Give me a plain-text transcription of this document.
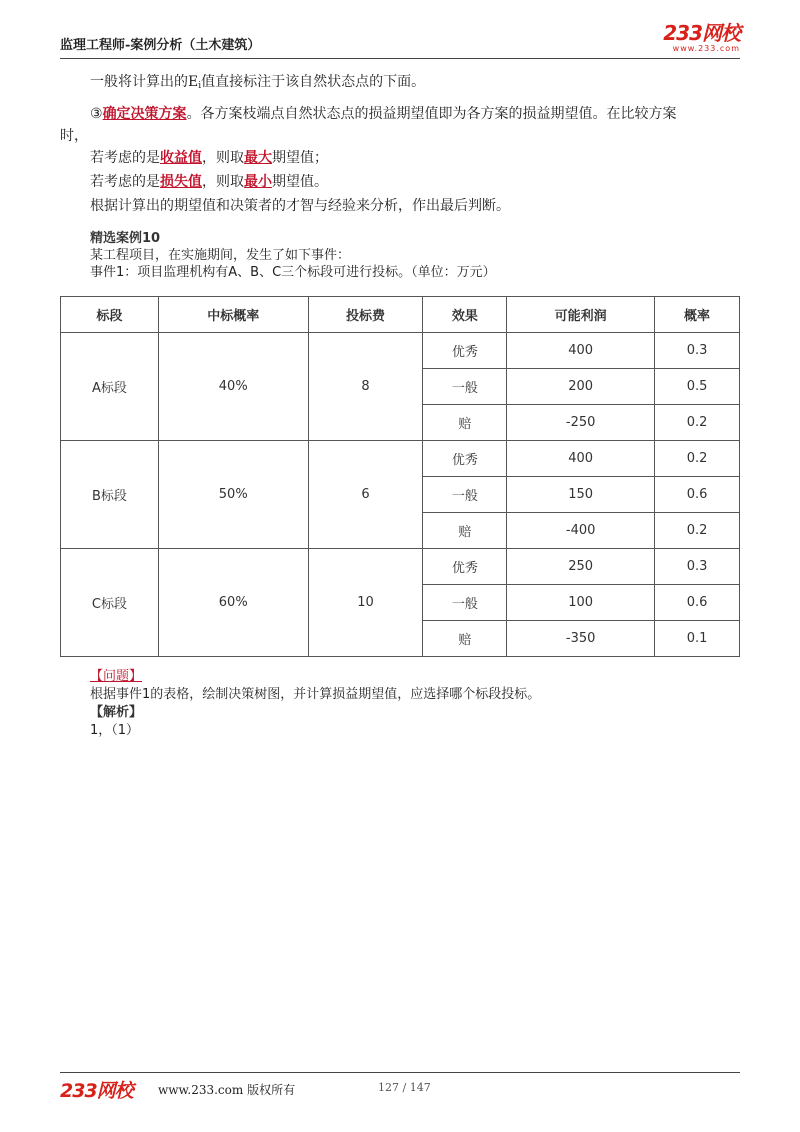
监理工程师-案例分析（土木建筑）
233网校
www.233.com
一般将计算出的$E_i$值直接标注于该自然状态点的下面。
③确定决策方案。各方案枝端点自然状态点的损益期望值即为各方案的损益期望值。在比较方案
时，
若考虑的是收益值，则取最大期望值；
若考虑的是损失值，则取最小期望值。
根据计算出的期望值和决策者的才智与经验来分析，作出最后判断。
精选案例10
某工程项目，在实施期间，发生了如下事件：
事件1：项目监理机构有A、B、C三个标段可进行投标。（单位：万元）
标段	中标概率	投标费	效果	可能利润	概率
A标段	40%	8	优秀	400	0.3
			一般	200	0.5
			赔	-250	0.2
B标段	50%	6	优秀	400	0.2
			一般	150	0.6
			赔	-400	0.2
C标段	60%	10	优秀	250	0.3
			一般	100	0.6
			赔	-350	0.1
【问题】
根据事件1的表格，绘制决策树图，并计算损益期望值，应选择哪个标段投标。
【解析】
1，（1）
233网校 www.233.com 版权所有	127 / 147
